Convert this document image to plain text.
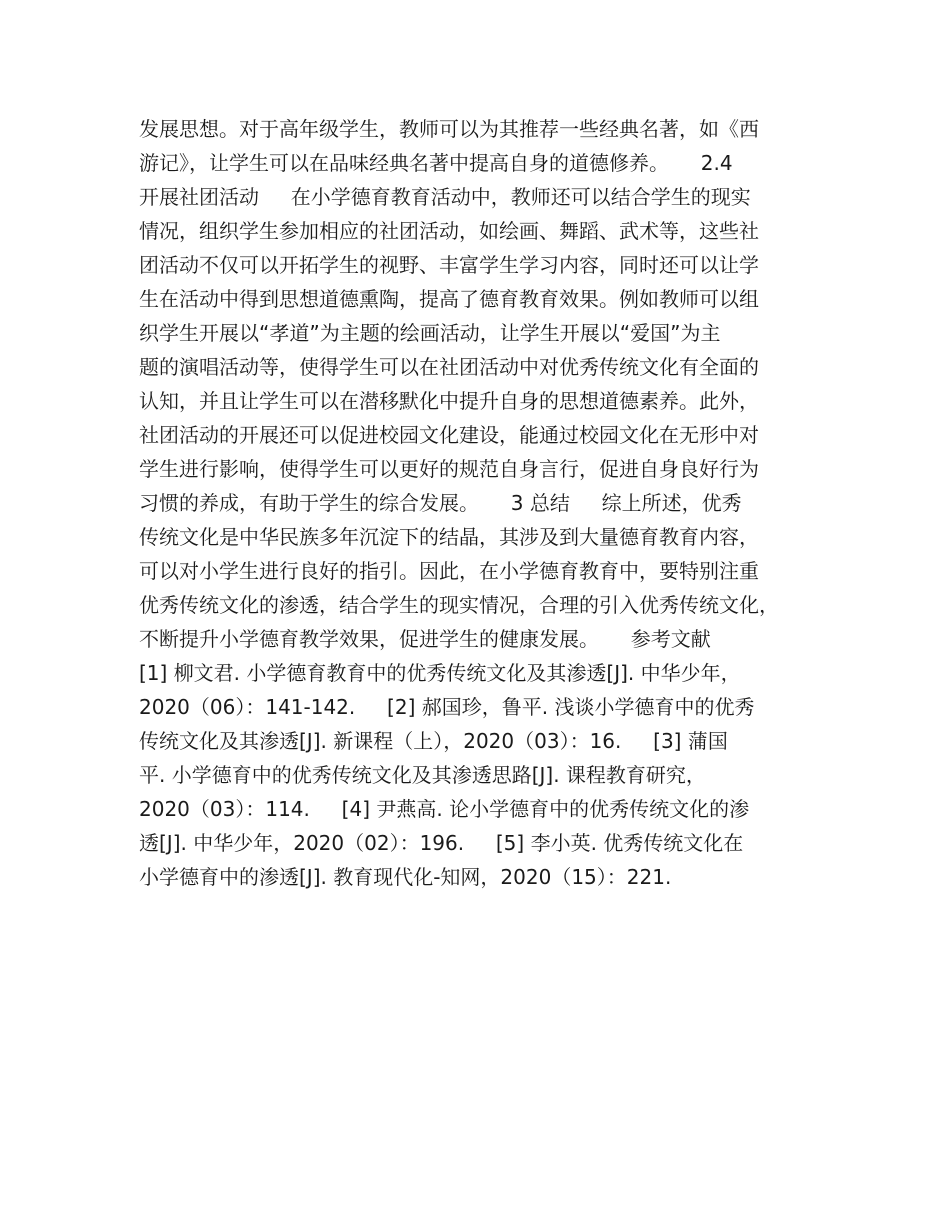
发展思想。对于高年级学生，教师可以为其推荐一些经典名著，如《西
游记》，让学生可以在品味经典名著中提高自身的道德修养。     2.4
开展社团活动     在小学德育教育活动中，教师还可以结合学生的现实
情况，组织学生参加相应的社团活动，如绘画、舞蹈、武术等，这些社
团活动不仅可以开拓学生的视野、丰富学生学习内容，同时还可以让学
生在活动中得到思想道德熏陶，提高了德育教育效果。例如教师可以组
织学生开展以“孝道”为主题的绘画活动，让学生开展以“爱国”为主
题的演唱活动等，使得学生可以在社团活动中对优秀传统文化有全面的
认知，并且让学生可以在潜移默化中提升自身的思想道德素养。此外，
社团活动的开展还可以促进校园文化建设，能通过校园文化在无形中对
学生进行影响，使得学生可以更好的规范自身言行，促进自身良好行为
习惯的养成，有助于学生的综合发展。     3 总结     综上所述，优秀
传统文化是中华民族多年沉淀下的结晶，其涉及到大量德育教育内容，
可以对小学生进行良好的指引。因此，在小学德育教育中，要特别注重
优秀传统文化的渗透，结合学生的现实情况，合理的引入优秀传统文化，
不断提升小学德育教学效果，促进学生的健康发展。     参考文献
[1] 柳文君. 小学德育教育中的优秀传统文化及其渗透[J]. 中华少年，
2020（06）：141-142.     [2] 郝国珍，鲁平. 浅谈小学德育中的优秀
传统文化及其渗透[J]. 新课程（上），2020（03）：16.     [3] 蒲国
平. 小学德育中的优秀传统文化及其渗透思路[J]. 课程教育研究，
2020（03）：114.     [4] 尹燕高. 论小学德育中的优秀传统文化的渗
透[J]. 中华少年，2020（02）：196.     [5] 李小英. 优秀传统文化在
小学德育中的渗透[J]. 教育现代化-知网，2020（15）：221.
